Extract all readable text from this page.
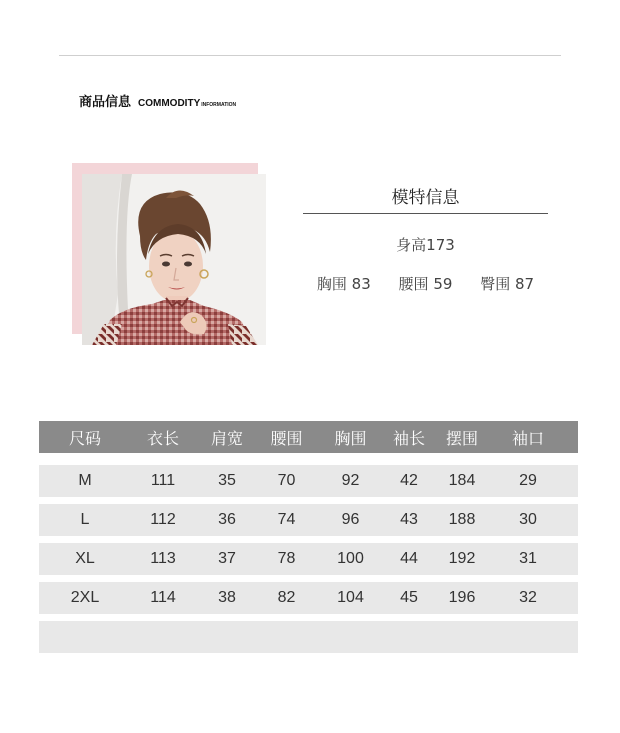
商品信息 COMMODITY INFORMATION
模特信息
身高173
胸围 83 腰围 59 臀围 87
尺码	衣长	肩宽	腰围	胸围	袖长	摆围	袖口
M	111	35	70	92	42	184	29
L	112	36	74	96	43	188	30
XL	113	37	78	100	44	192	31
2XL	114	38	82	104	45	196	32
